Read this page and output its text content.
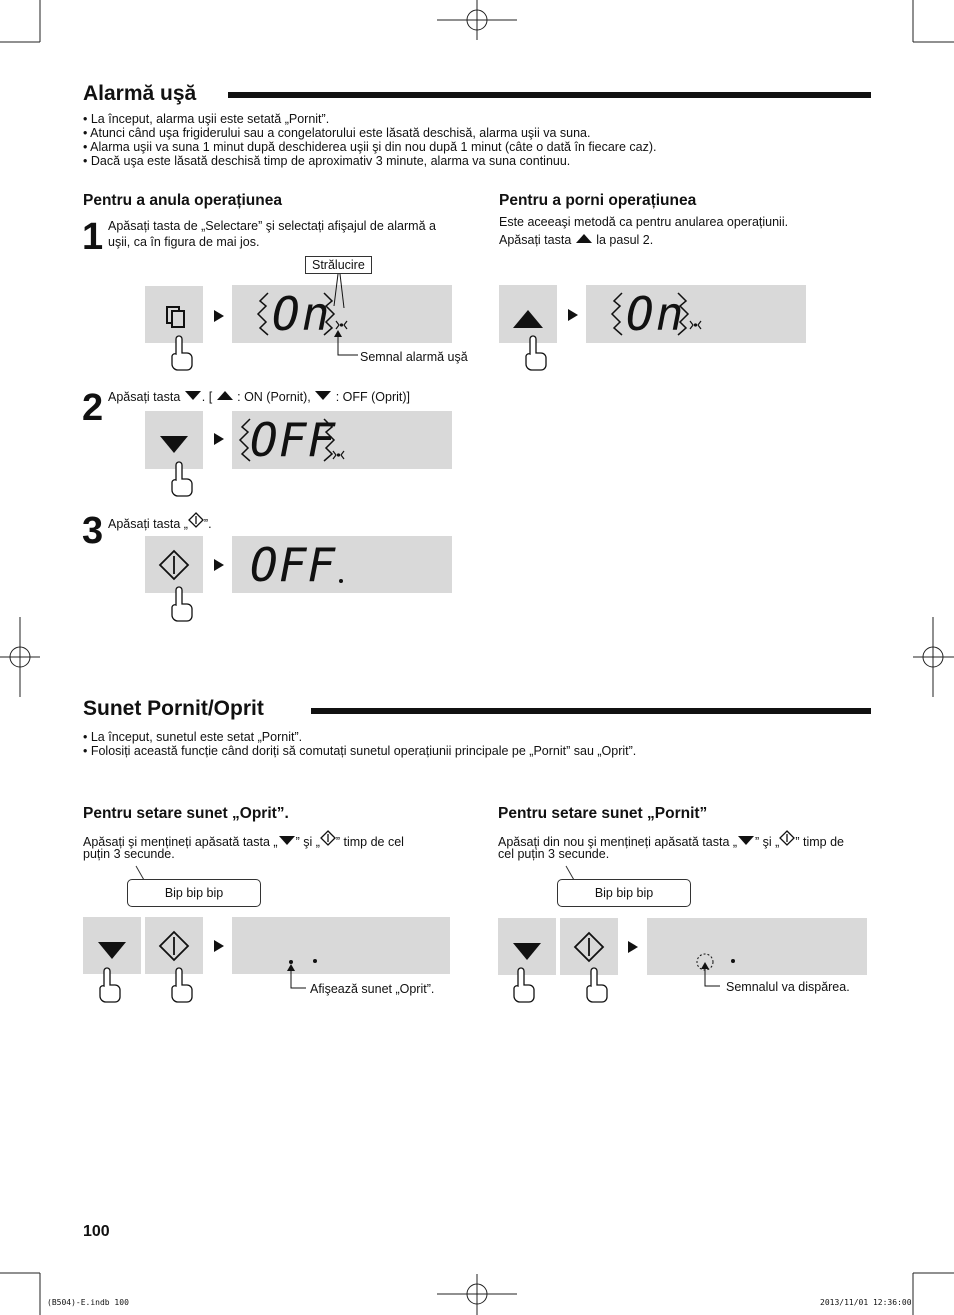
Alarmă uşă
• La început, alarma uşii este setată „Pornit”.
• Atunci când uşa frigiderului sau a congelatorului este lăsată deschisă, alarma uşii va suna.
• Alarma uşii va suna 1 minut după deschiderea uşii şi din nou după 1 minut (câte o dată în fiecare caz).
• Dacă uşa este lăsată deschisă timp de aproximativ 3 minute, alarma va suna continuu.
Pentru a anula operațiunea	Pentru a porni operațiunea
1 Apăsați tasta de „Selectare” şi selectați afişajul de alarmă a uşii, ca în figura de mai jos.
Strălucire
On
Semnal alarmă uşă
Este aceeaşi metodă ca pentru anularea operațiunii.
Apăsați tasta la pasul 2.
On
2 Apăsați tasta . [ : ON (Pornit), : OFF (Oprit)]
OFF
3 Apăsați tasta „ ”.
OFF
Sunet Pornit/Oprit
• La început, sunetul este setat „Pornit”.
• Folosiți această funcție când doriți să comutați sunetul operațiunii principale pe „Pornit” sau „Oprit”.
Pentru setare sunet „Oprit”.
Apăsați şi mențineți apăsată tasta „ ” şi „ ” timp de cel
puțin 3 secunde.
Bip bip bip
Afişează sunet „Oprit”.
Pentru setare sunet „Pornit”
Apăsați din nou şi mențineți apăsată tasta „ ” şi „ ” timp de
cel puțin 3 secunde.
Bip bip bip
Semnalul va dispărea.
100
(B504)-E.indb 100	2013/11/01 12:36:00
